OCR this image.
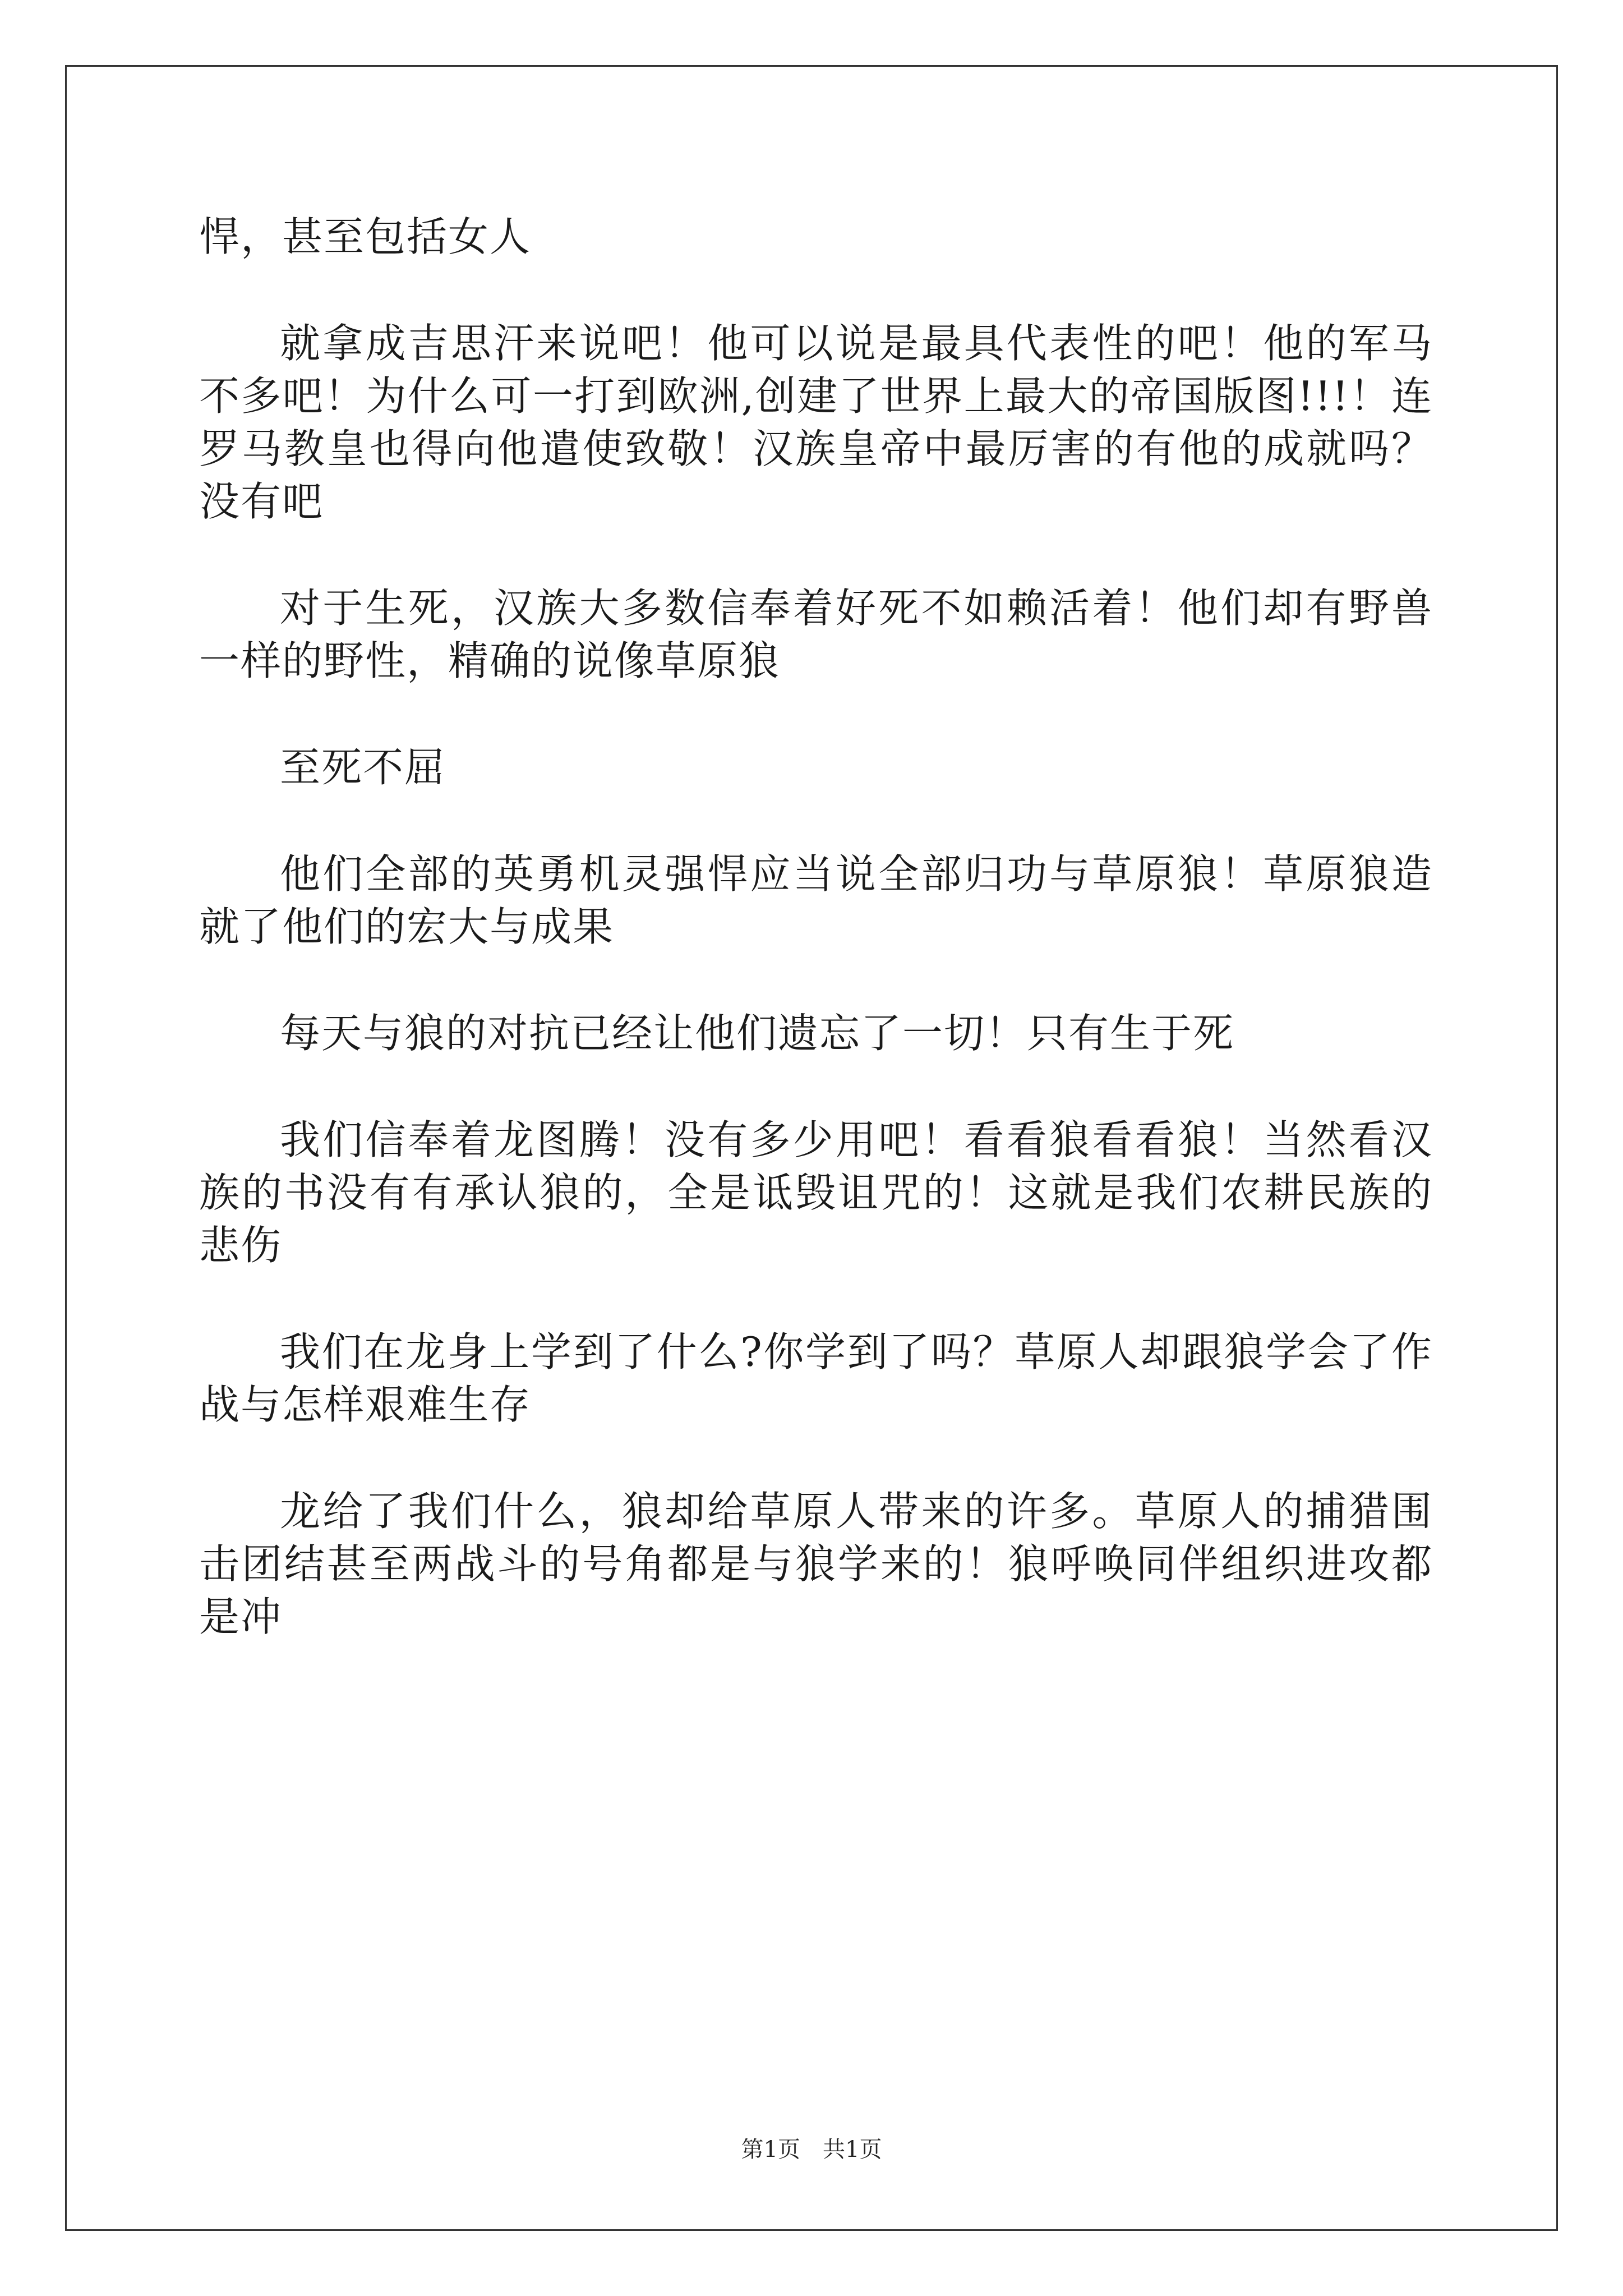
悍，甚至包括女人

就拿成吉思汗来说吧！他可以说是最具代表性的吧！他的军马不多吧！为什么可一打到欧洲,创建了世界上最大的帝国版图!!!！连罗马教皇也得向他遣使致敬！汉族皇帝中最厉害的有他的成就吗？没有吧

对于生死，汉族大多数信奉着好死不如赖活着！他们却有野兽一样的野性，精确的说像草原狼

至死不屈

他们全部的英勇机灵强悍应当说全部归功与草原狼！草原狼造就了他们的宏大与成果

每天与狼的对抗已经让他们遗忘了一切！只有生于死

我们信奉着龙图腾！没有多少用吧！看看狼看看狼！当然看汉族的书没有有承认狼的，全是诋毁诅咒的！这就是我们农耕民族的悲伤

我们在龙身上学到了什么?你学到了吗？草原人却跟狼学会了作战与怎样艰难生存

龙给了我们什么，狼却给草原人带来的许多。草原人的捕猎围击团结甚至两战斗的号角都是与狼学来的！狼呼唤同伴组织进攻都是冲

第1页　共1页
